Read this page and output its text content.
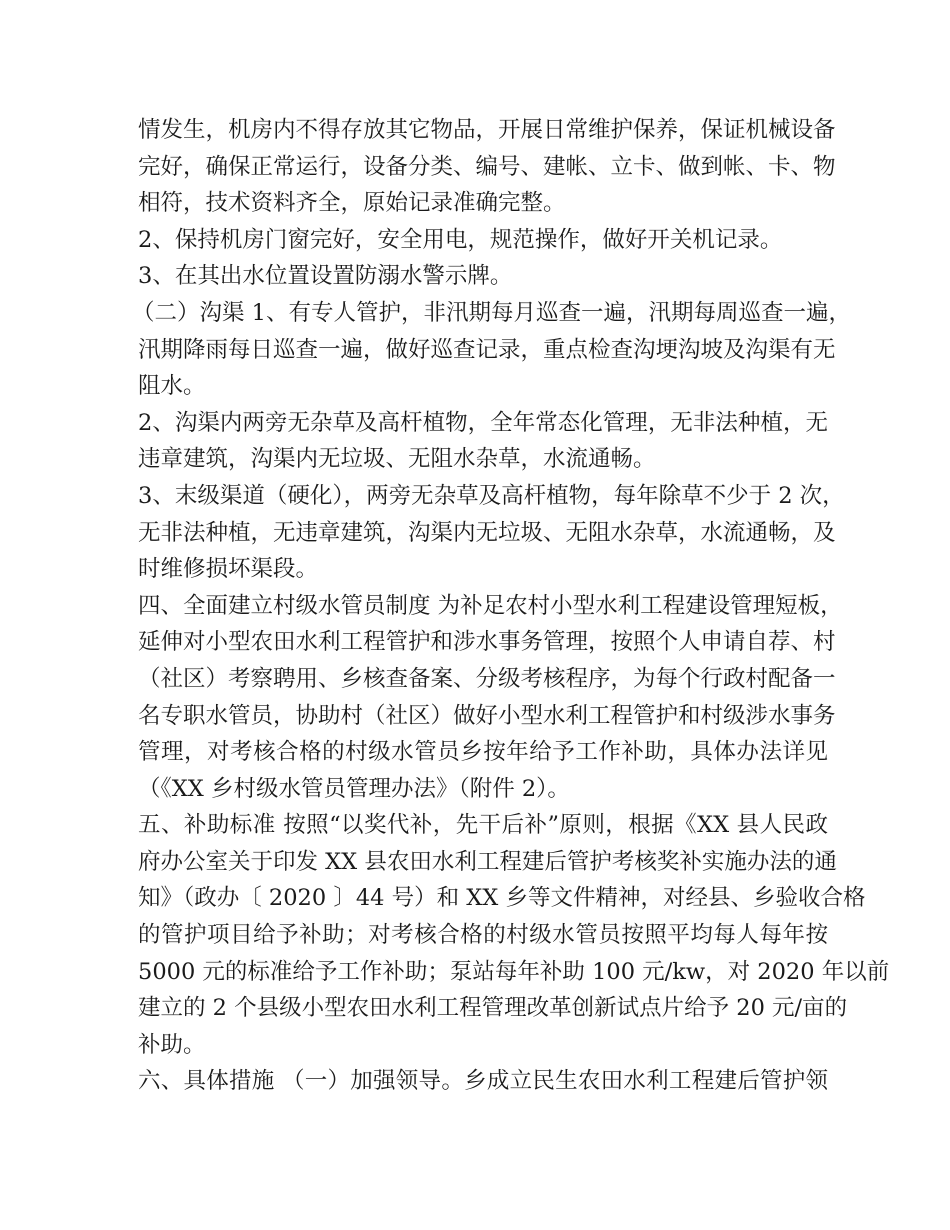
情发生，机房内不得存放其它物品，开展日常维护保养，保证机械设备
完好，确保正常运行，设备分类、编号、建帐、立卡、做到帐、卡、物
相符，技术资料齐全，原始记录准确完整。
2、保持机房门窗完好，安全用电，规范操作，做好开关机记录。
3、在其出水位置设置防溺水警示牌。
（二）沟渠 1、有专人管护，非汛期每月巡查一遍，汛期每周巡查一遍，
汛期降雨每日巡查一遍，做好巡查记录，重点检查沟埂沟坡及沟渠有无
阻水。
2、沟渠内两旁无杂草及高杆植物，全年常态化管理，无非法种植，无
违章建筑，沟渠内无垃圾、无阻水杂草，水流通畅。
3、末级渠道（硬化），两旁无杂草及高杆植物，每年除草不少于 2 次，
无非法种植，无违章建筑，沟渠内无垃圾、无阻水杂草，水流通畅，及
时维修损坏渠段。
四、全面建立村级水管员制度 为补足农村小型水利工程建设管理短板，
延伸对小型农田水利工程管护和涉水事务管理，按照个人申请自荐、村
（社区）考察聘用、乡核查备案、分级考核程序，为每个行政村配备一
名专职水管员，协助村（社区）做好小型水利工程管护和村级涉水事务
管理，对考核合格的村级水管员乡按年给予工作补助，具体办法详见
（《XX 乡村级水管员管理办法》（附件 2）。
五、补助标准 按照“以奖代补，先干后补”原则，根据《XX 县人民政
府办公室关于印发 XX 县农田水利工程建后管护考核奖补实施办法的通
知》（政办〔 2020 〕44 号）和 XX 乡等文件精神，对经县、乡验收合格
的管护项目给予补助；对考核合格的村级水管员按照平均每人每年按
5000 元的标准给予工作补助；泵站每年补助 100 元/kw，对 2020 年以前
建立的 2 个县级小型农田水利工程管理改革创新试点片给予 20 元/亩的
补助。
六、具体措施 （一）加强领导。乡成立民生农田水利工程建后管护领
